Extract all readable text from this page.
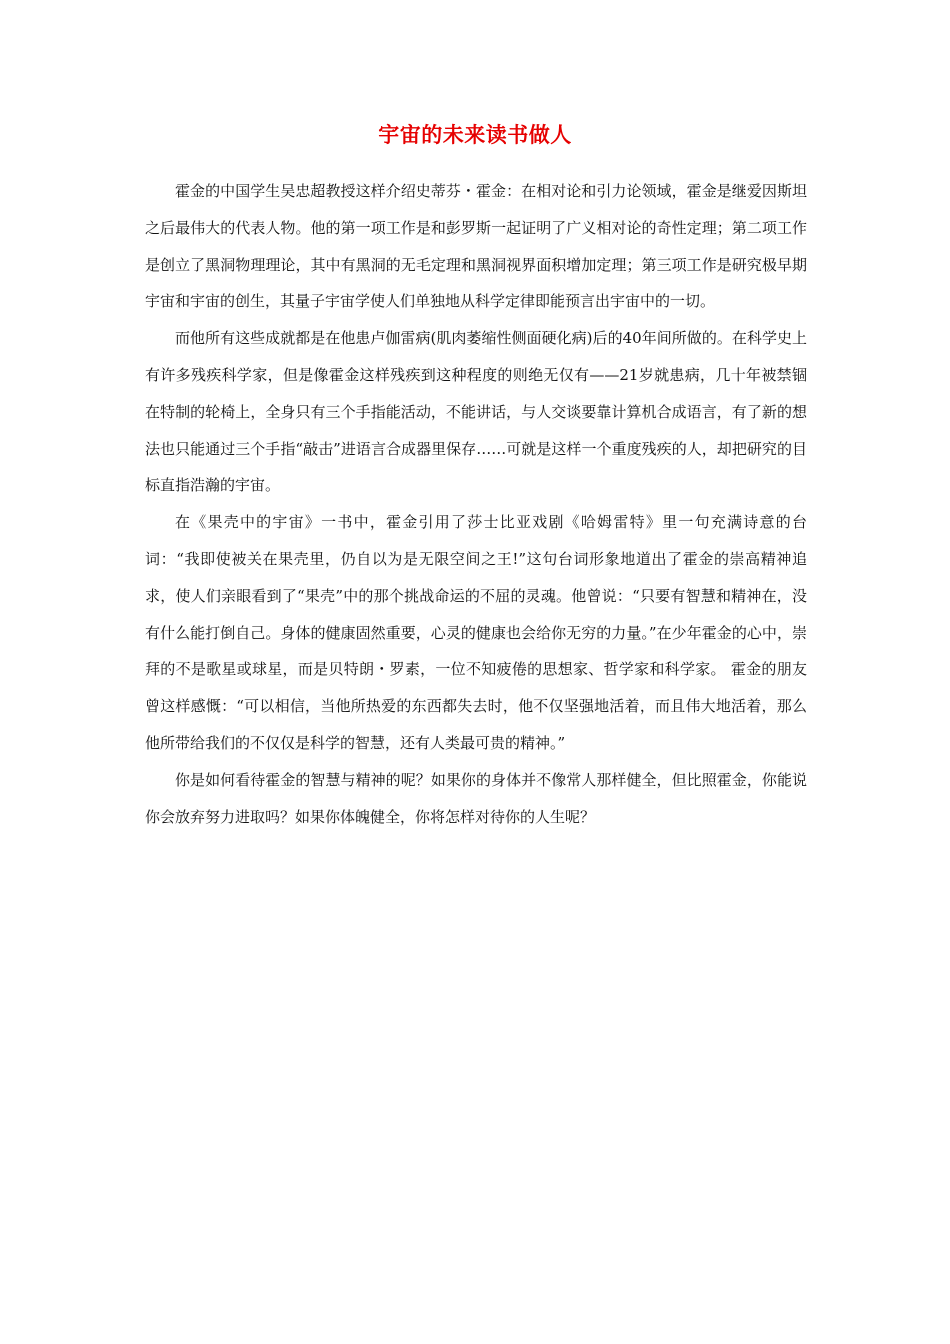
宇宙的未来读书做人

霍金的中国学生吴忠超教授这样介绍史蒂芬・霍金：在相对论和引力论领域，霍金是继爱因斯坦之后最伟大的代表人物。他的第一项工作是和彭罗斯一起证明了广义相对论的奇性定理；第二项工作是创立了黑洞物理理论，其中有黑洞的无毛定理和黑洞视界面积增加定理；第三项工作是研究极早期宇宙和宇宙的创生，其量子宇宙学使人们单独地从科学定律即能预言出宇宙中的一切。

而他所有这些成就都是在他患卢伽雷病(肌肉萎缩性侧面硬化病)后的40年间所做的。在科学史上有许多残疾科学家，但是像霍金这样残疾到这种程度的则绝无仅有——21岁就患病，几十年被禁锢在特制的轮椅上，全身只有三个手指能活动，不能讲话，与人交谈要靠计算机合成语言，有了新的想法也只能通过三个手指“敲击”进语言合成器里保存……可就是这样一个重度残疾的人，却把研究的目标直指浩瀚的宇宙。

在《果壳中的宇宙》一书中，霍金引用了莎士比亚戏剧《哈姆雷特》里一句充满诗意的台词：“我即使被关在果壳里，仍自以为是无限空间之王!”这句台词形象地道出了霍金的崇高精神追求，使人们亲眼看到了“果壳”中的那个挑战命运的不屈的灵魂。他曾说：“只要有智慧和精神在，没有什么能打倒自己。身体的健康固然重要，心灵的健康也会给你无穷的力量。”在少年霍金的心中，崇拜的不是歌星或球星，而是贝特朗・罗素，一位不知疲倦的思想家、哲学家和科学家。 霍金的朋友曾这样感慨：“可以相信，当他所热爱的东西都失去时，他不仅坚强地活着，而且伟大地活着，那么他所带给我们的不仅仅是科学的智慧，还有人类最可贵的精神。”

你是如何看待霍金的智慧与精神的呢？如果你的身体并不像常人那样健全，但比照霍金，你能说你会放弃努力进取吗？如果你体魄健全，你将怎样对待你的人生呢？
